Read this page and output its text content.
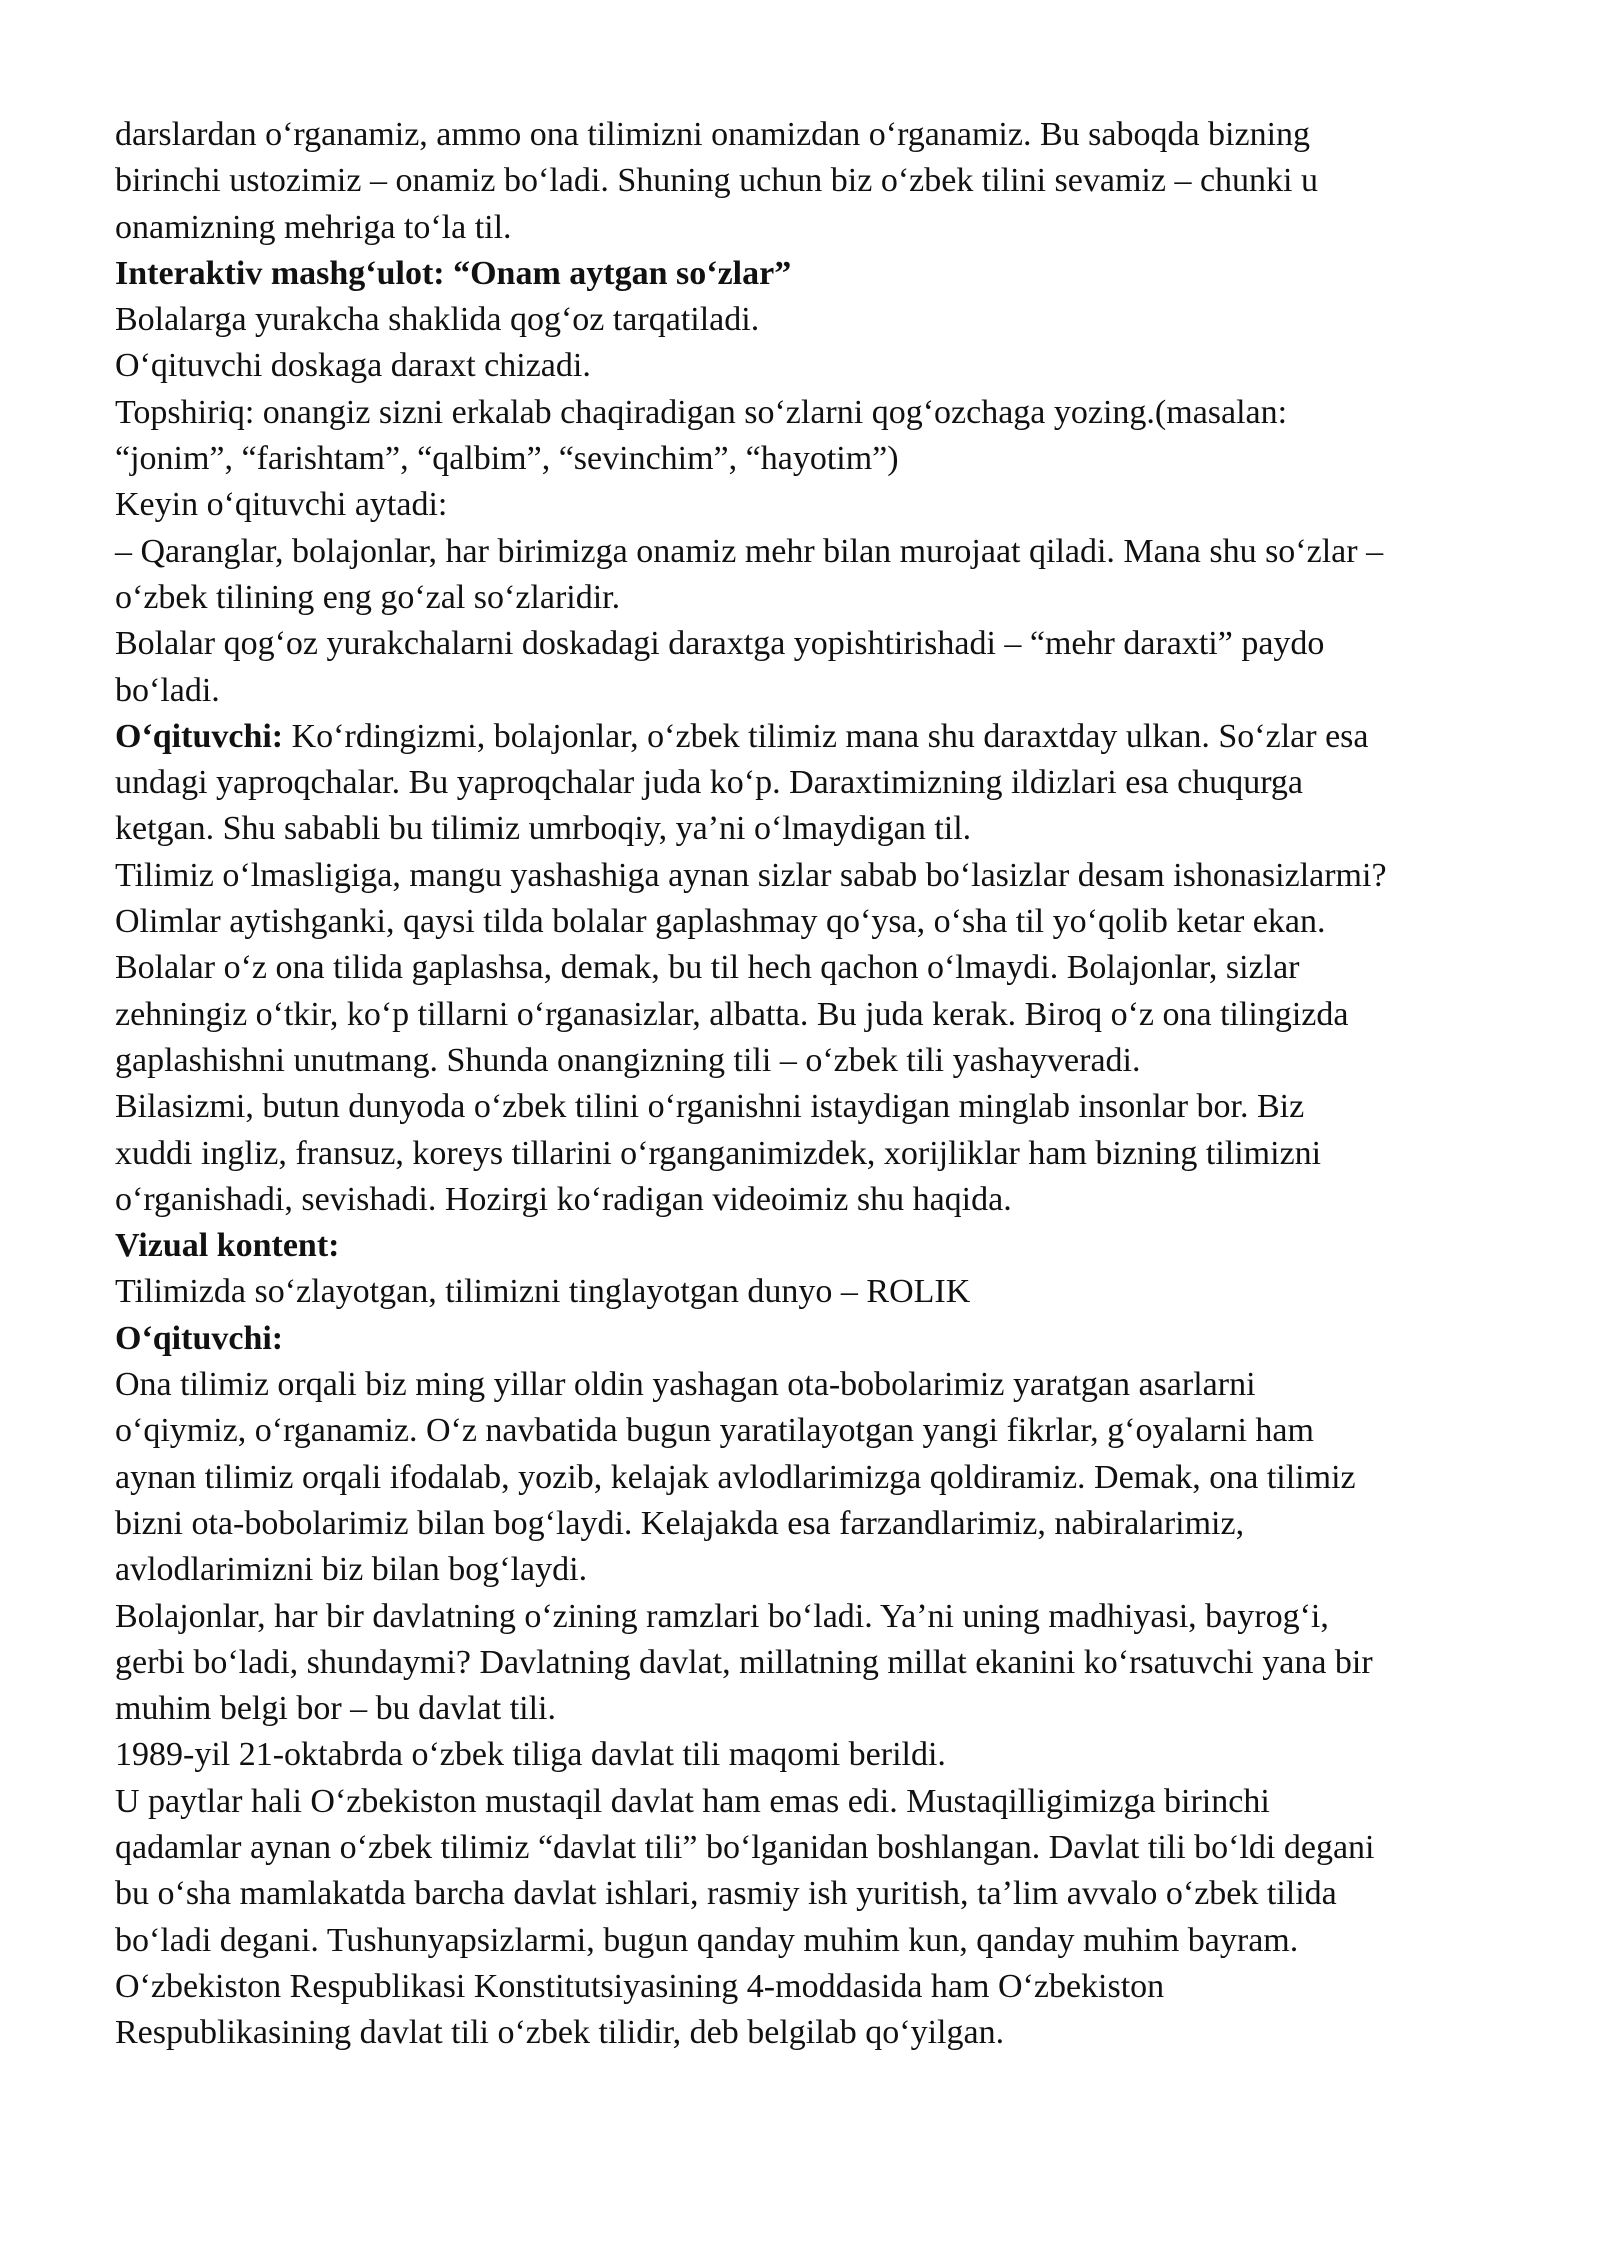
darslardan oʻrganamiz, ammo ona tilimizni onamizdan oʻrganamiz. Bu saboqda bizning
birinchi ustozimiz – onamiz boʻladi. Shuning uchun biz oʻzbek tilini sevamiz – chunki u
onamizning mehriga toʻla til.
Interaktiv mashgʻulot: “Onam aytgan soʻzlar”
Bolalarga yurakcha shaklida qogʻoz tarqatiladi.
Oʻqituvchi doskaga daraxt chizadi.
Topshiriq: onangiz sizni erkalab chaqiradigan soʻzlarni qogʻozchaga yozing.(masalan:
“jonim”, “farishtam”, “qalbim”, “sevinchim”, “hayotim”)
Keyin oʻqituvchi aytadi:
– Qaranglar, bolajonlar, har birimizga onamiz mehr bilan murojaat qiladi. Mana shu soʻzlar –
oʻzbek tilining eng goʻzal soʻzlaridir.
Bolalar qogʻoz yurakchalarni doskadagi daraxtga yopishtirishadi – “mehr daraxti” paydo
boʻladi.
Oʻqituvchi: Koʻrdingizmi, bolajonlar, oʻzbek tilimiz mana shu daraxtday ulkan. Soʻzlar esa
undagi yaproqchalar. Bu yaproqchalar juda koʻp. Daraxtimizning ildizlari esa chuqurga
ketgan. Shu sababli bu tilimiz umrboqiy, yaʼni oʻlmaydigan til.
Tilimiz oʻlmasligiga, mangu yashashiga aynan sizlar sabab boʻlasizlar desam ishonasizlarmi?
Olimlar aytishganki, qaysi tilda bolalar gaplashmay qoʻysa, oʻsha til yoʻqolib ketar ekan.
Bolalar oʻz ona tilida gaplashsa, demak, bu til hech qachon oʻlmaydi. Bolajonlar, sizlar
zehningiz oʻtkir, koʻp tillarni oʻrganasizlar, albatta. Bu juda kerak. Biroq oʻz ona tilingizda
gaplashishni unutmang. Shunda onangizning tili – oʻzbek tili yashayveradi.
Bilasizmi, butun dunyoda oʻzbek tilini oʻrganishni istaydigan minglab insonlar bor. Biz
xuddi ingliz, fransuz, koreys tillarini oʻrganganimizdek, xorijliklar ham bizning tilimizni
oʻrganishadi, sevishadi. Hozirgi koʻradigan videoimiz shu haqida.
Vizual kontent:
Tilimizda soʻzlayotgan, tilimizni tinglayotgan dunyo – ROLIK
Oʻqituvchi:
Ona tilimiz orqali biz ming yillar oldin yashagan ota-bobolarimiz yaratgan asarlarni
oʻqiymiz, oʻrganamiz. Oʻz navbatida bugun yaratilayotgan yangi fikrlar, gʻoyalarni ham
aynan tilimiz orqali ifodalab, yozib, kelajak avlodlarimizga qoldiramiz. Demak, ona tilimiz
bizni ota-bobolarimiz bilan bogʻlaydi. Kelajakda esa farzandlarimiz, nabiralarimiz,
avlodlarimizni biz bilan bogʻlaydi.
Bolajonlar, har bir davlatning oʻzining ramzlari boʻladi. Yaʼni uning madhiyasi, bayrogʻi,
gerbi boʻladi, shundaymi? Davlatning davlat, millatning millat ekanini koʻrsatuvchi yana bir
muhim belgi bor – bu davlat tili.
1989-yil 21-oktabrda oʻzbek tiliga davlat tili maqomi berildi.
U paytlar hali Oʻzbekiston mustaqil davlat ham emas edi. Mustaqilligimizga birinchi
qadamlar aynan oʻzbek tilimiz “davlat tili” boʻlganidan boshlangan. Davlat tili boʻldi degani
bu oʻsha mamlakatda barcha davlat ishlari, rasmiy ish yuritish, taʼlim avvalo oʻzbek tilida
boʻladi degani. Tushunyapsizlarmi, bugun qanday muhim kun, qanday muhim bayram.
Oʻzbekiston Respublikasi Konstitutsiyasining 4-moddasida ham Oʻzbekiston
Respublikasining davlat tili oʻzbek tilidir, deb belgilab qoʻyilgan.
